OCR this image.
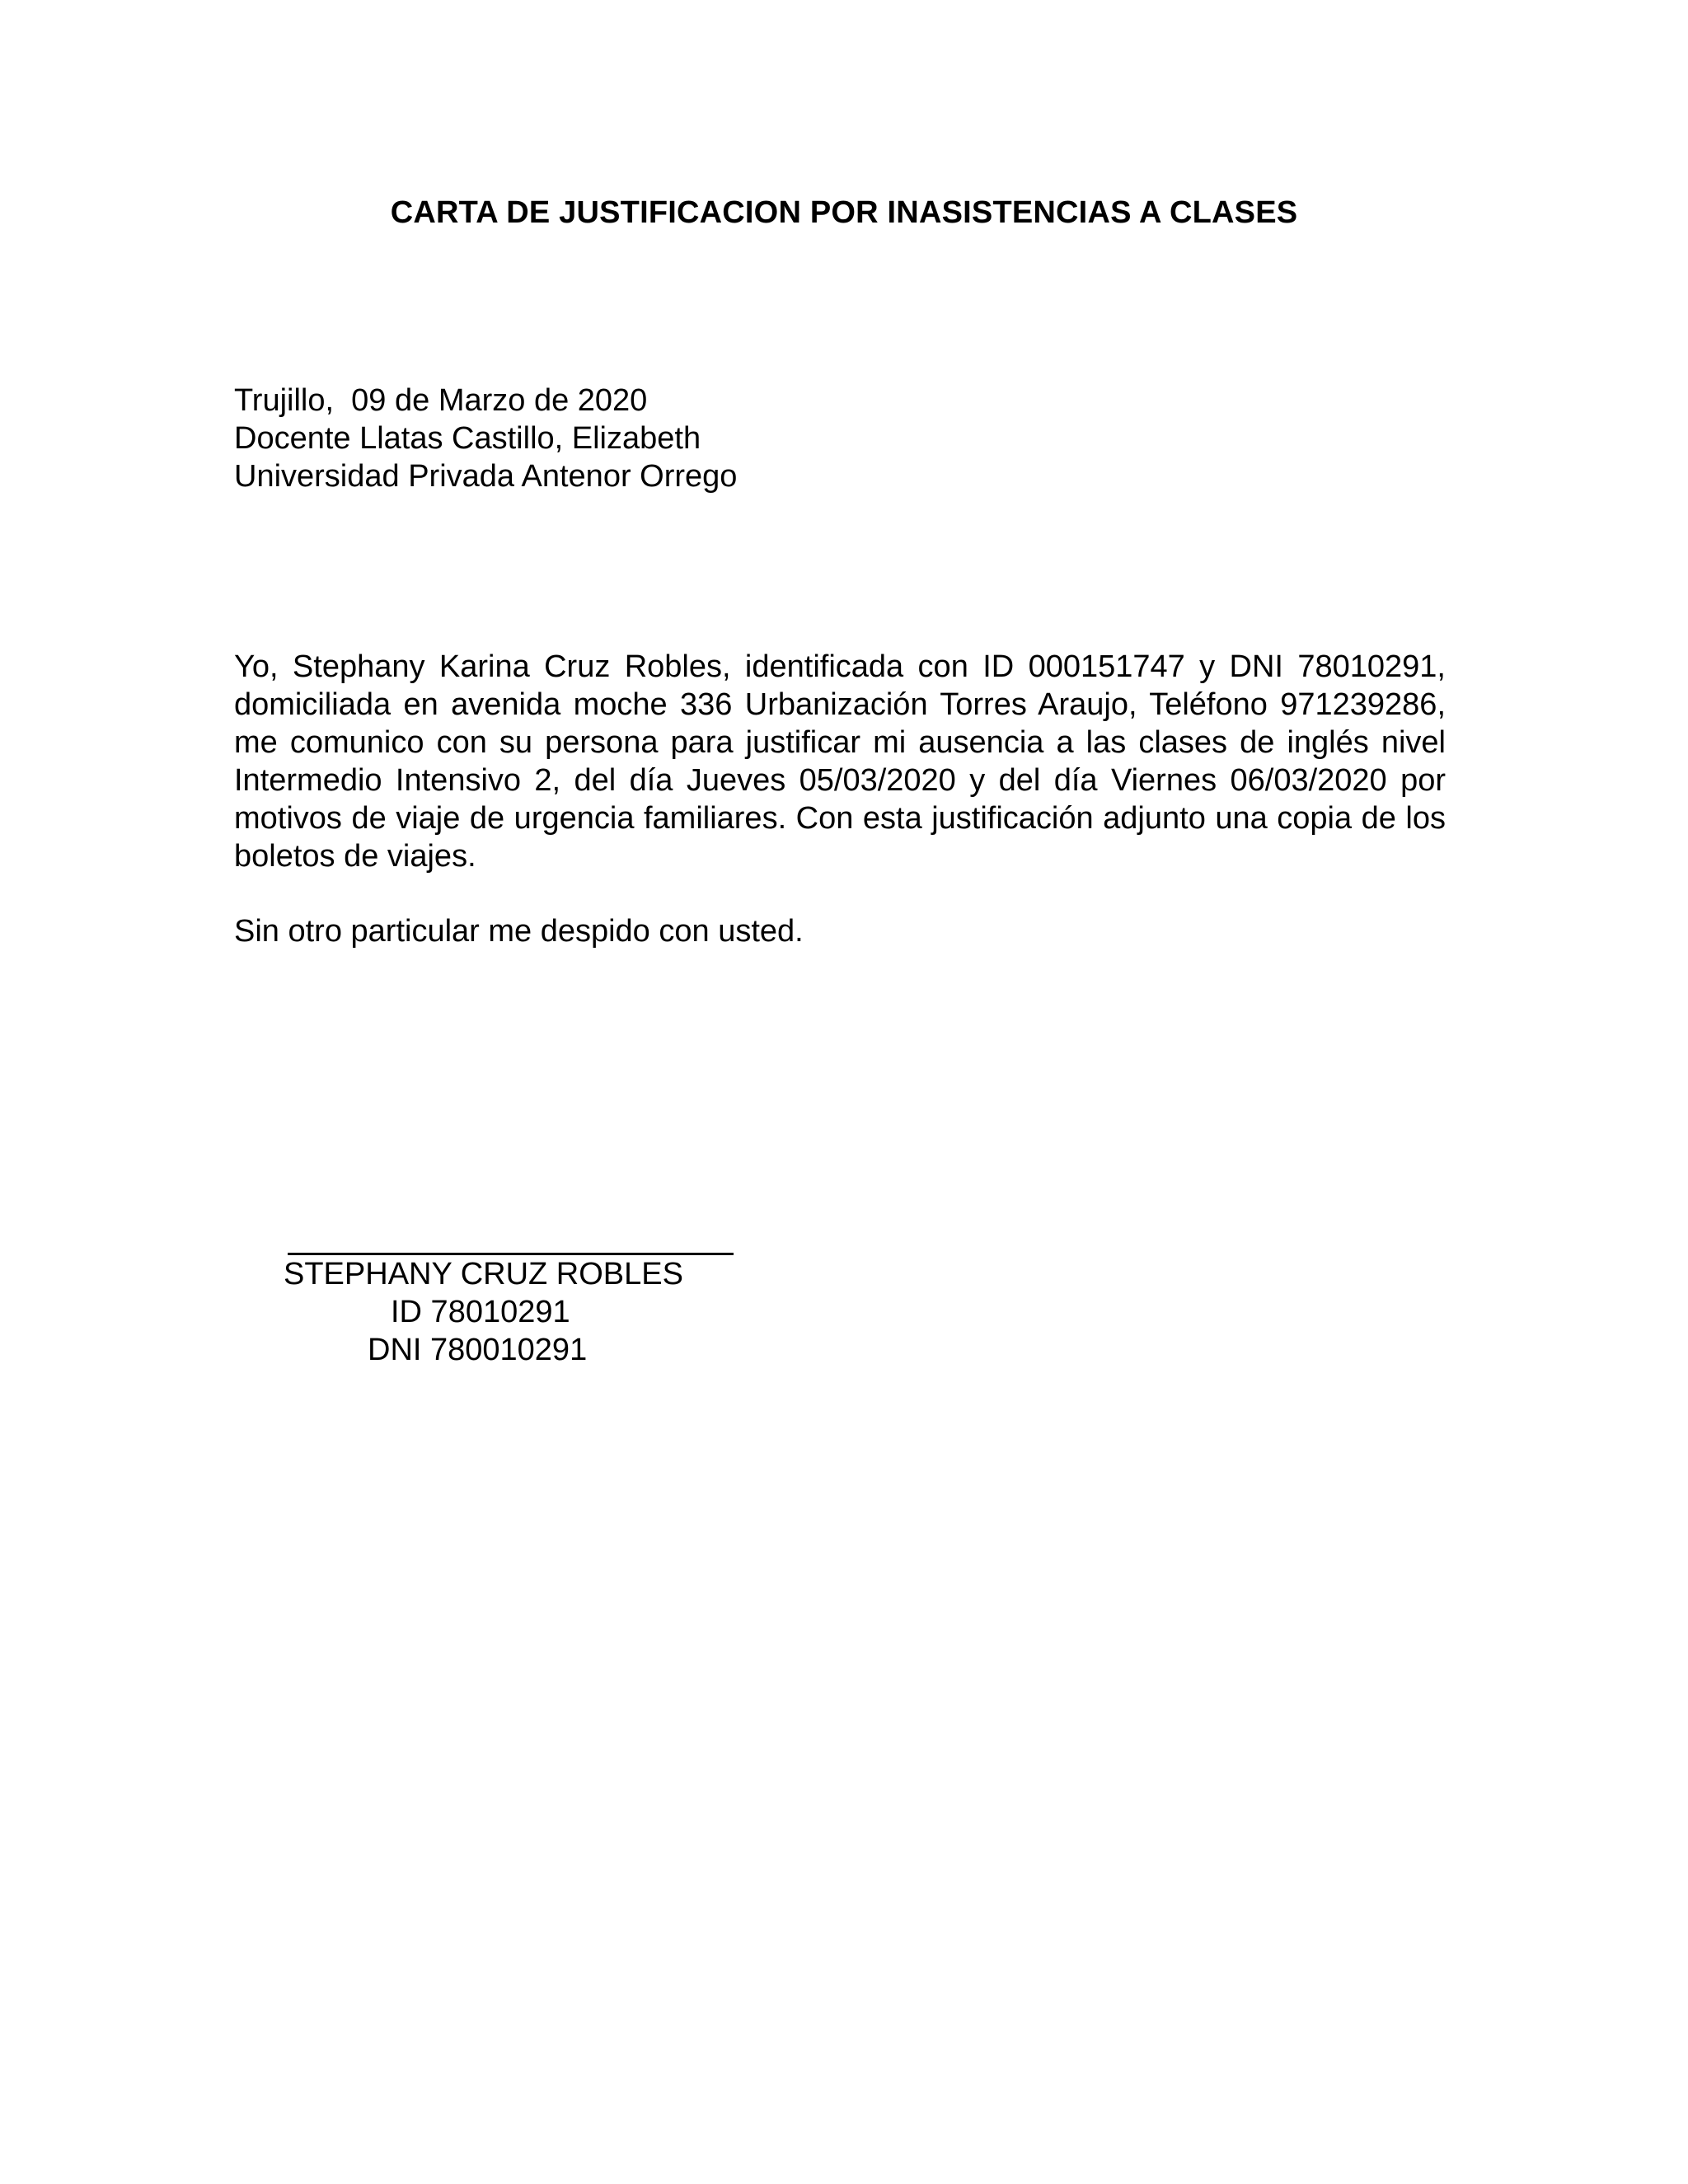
CARTA DE JUSTIFICACION POR INASISTENCIAS A CLASES
Trujillo,  09 de Marzo de 2020
Docente Llatas Castillo, Elizabeth
Universidad Privada Antenor Orrego
Yo, Stephany Karina Cruz Robles, identificada con ID 000151747 y DNI 78010291, domiciliada en avenida moche 336 Urbanización Torres Araujo, Teléfono 971239286, me comunico con su persona para justificar mi ausencia a las clases de inglés nivel Intermedio Intensivo 2, del día Jueves 05/03/2020 y del día Viernes 06/03/2020 por motivos de viaje de urgencia familiares. Con esta justificación adjunto una copia de los boletos de viajes.
Sin otro particular me despido con usted.
STEPHANY CRUZ ROBLES
ID 78010291
DNI 780010291
